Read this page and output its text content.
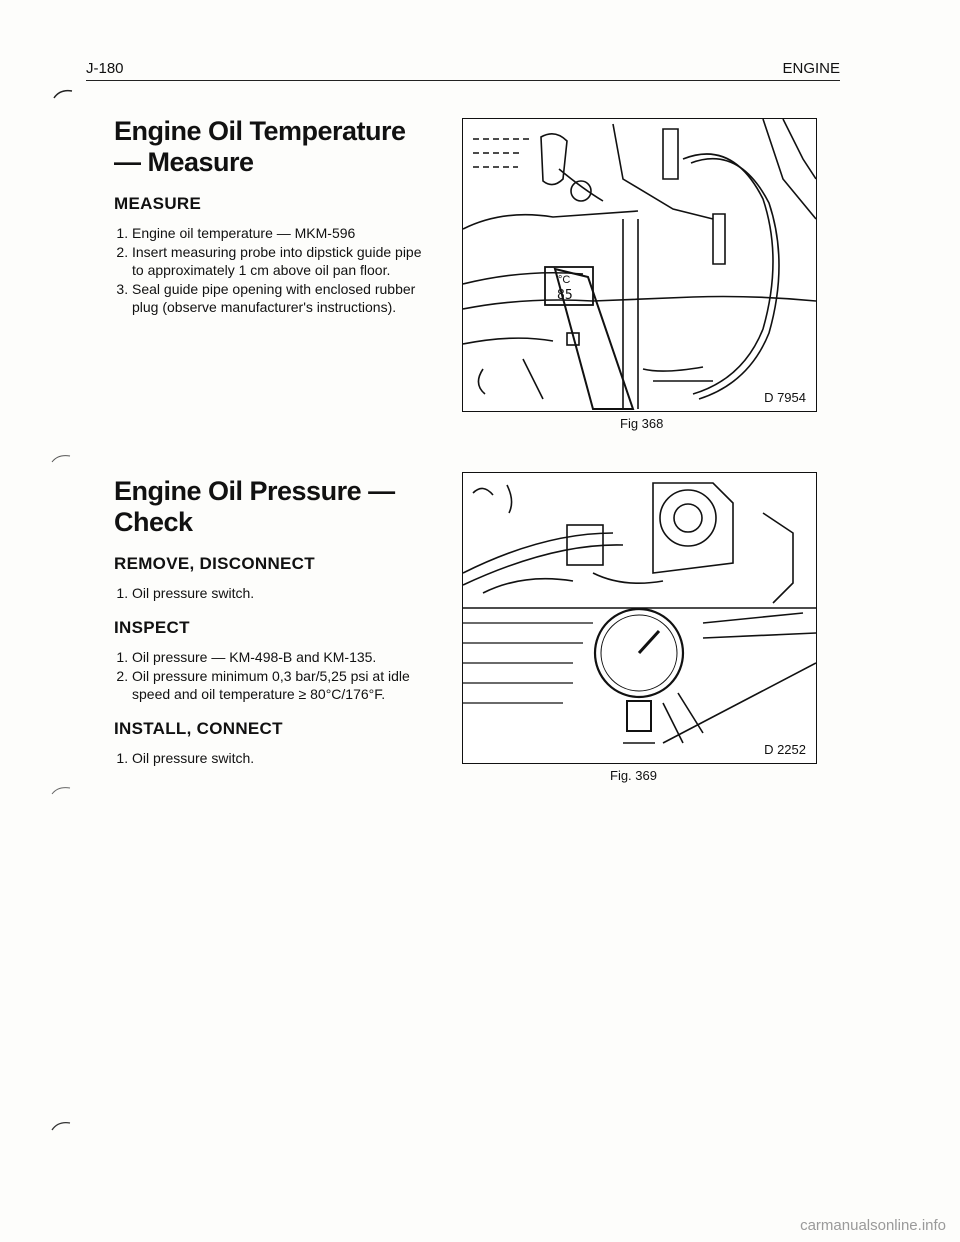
J-180	ENGINE
Engine Oil Temperature
— Measure
MEASURE
1. Engine oil temperature — MKM-596
2. Insert measuring probe into dipstick guide pipe to approximately 1 cm above oil pan floor.
3. Seal guide pipe opening with enclosed rubber plug (observe manufacturer's instructions).
Engine Oil Pressure —
Check
REMOVE, DISCONNECT
1. Oil pressure switch.
INSPECT
1. Oil pressure — KM-498-B and KM-135.
2. Oil pressure minimum 0,3 bar/5,25 psi at idle speed and oil temperature ≥ 80°C/176°F.
INSTALL, CONNECT
1. Oil pressure switch.
°C
85
D 7954
Fig 368
D 2252
Fig. 369
carmanualsonline.info
